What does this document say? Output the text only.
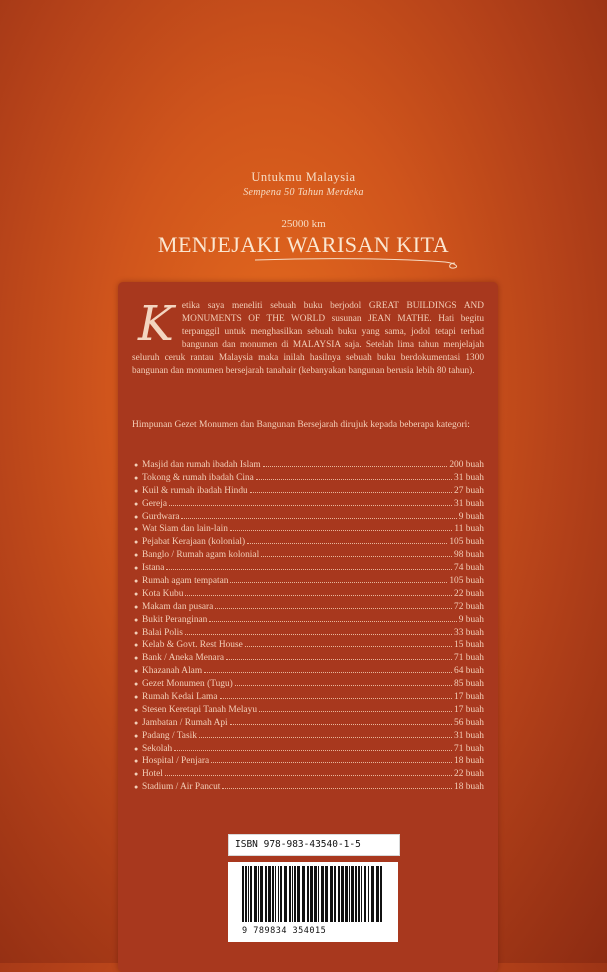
Untukmu Malaysia
Sempena 50 Tahun Merdeka
25000 km
MENJEJAKI WARISAN KITA
K etika saya meneliti sebuah buku berjodol GREAT BUILDINGS AND MONUMENTS OF THE WORLD susunan JEAN MATHE. Hati begitu terpanggil untuk menghasilkan sebuah buku yang sama, jodol tetapi terhad bangunan dan monumen di MALAYSIA saja. Setelah lima tahun menjelajah seluruh ceruk rantau Malaysia maka inilah hasilnya sebuah buku berdokumentasi 1300 bangunan dan monumen bersejarah tanahair (kebanyakan bangunan berusia lebih 80 tahun).
Himpunan Gezet Monumen dan Bangunan Bersejarah dirujuk kepada beberapa kategori:
● Masjid dan rumah ibadah Islam	200 buah
● Tokong & rumah ibadah Cina	31 buah
● Kuil & rumah ibadah Hindu	27 buah
● Gereja	31 buah
● Gurdwara	9 buah
● Wat Siam dan lain-lain	11 buah
● Pejabat Kerajaan (kolonial)	105 buah
● Banglo / Rumah agam kolonial	98 buah
● Istana	74 buah
● Rumah agam tempatan	105 buah
● Kota Kubu	22 buah
● Makam dan pusara	72 buah
● Bukit Peranginan	9 buah
● Balai Polis	33 buah
● Kelab & Govt. Rest House	15 buah
● Bank / Aneka Menara	71 buah
● Khazanah Alam	64 buah
● Gezet Monumen (Tugu)	85 buah
● Rumah Kedai Lama	17 buah
● Stesen Keretapi Tanah Melayu	17 buah
● Jambatan / Rumah Api	56 buah
● Padang / Tasik	31 buah
● Sekolah	71 buah
● Hospital / Penjara	18 buah
● Hotel	22 buah
● Stadium / Air Pancut	18 buah
ISBN 978-983-43540-1-5
9 789834 354015
